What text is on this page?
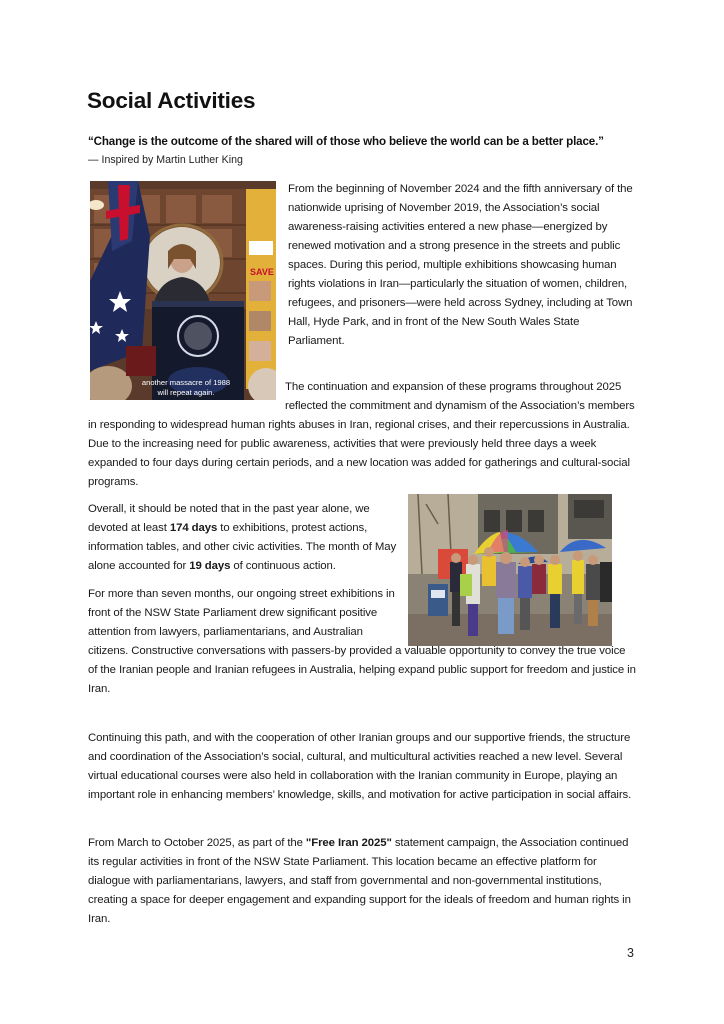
Social Activities
“Change is the outcome of the shared will of those who believe the world can be a better place.”
— Inspired by Martin Luther King
SAVE
another massacre of 1988
will repeat again.

From the beginning of November 2024 and the fifth anniversary of the nationwide uprising of November 2019, the Association’s social awareness-raising activities entered a new phase—energized by renewed motivation and a strong presence in the streets and public spaces. During this period, multiple exhibitions showcasing human rights violations in Iran—particularly the situation of women, children, refugees, and prisoners—were held across Sydney, including at Town Hall, Hyde Park, and in front of the New South Wales State Parliament.

The continuation and expansion of these programs throughout 2025 reflected the commitment and dynamism of the Association’s members in responding to widespread human rights abuses in Iran, regional crises, and their repercussions in Australia. Due to the increasing need for public awareness, activities that were previously held three days a week expanded to four days during certain periods, and a new location was added for gatherings and cultural-social programs.

Overall, it should be noted that in the past year alone, we devoted at least 174 days to exhibitions, protest actions, information tables, and other civic activities. The month of May alone accounted for 19 days of continuous action.

For more than seven months, our ongoing street exhibitions in front of the NSW State Parliament drew significant positive attention from lawyers, parliamentarians, and Australian citizens. Constructive conversations with passers-by provided a valuable opportunity to convey the true voice of the Iranian people and Iranian refugees in Australia, helping expand public support for freedom and justice in Iran.

Continuing this path, and with the cooperation of other Iranian groups and our supportive friends, the structure and coordination of the Association’s social, cultural, and multicultural activities reached a new level. Several virtual educational courses were also held in collaboration with the Iranian community in Europe, playing an important role in enhancing members’ knowledge, skills, and motivation for active participation in social affairs.

From March to October 2025, as part of the "Free Iran 2025" statement campaign, the Association continued its regular activities in front of the NSW State Parliament. This location became an effective platform for dialogue with parliamentarians, lawyers, and staff from governmental and non-governmental institutions, creating a space for deeper engagement and expanding support for the ideals of freedom and human rights in Iran.

3
